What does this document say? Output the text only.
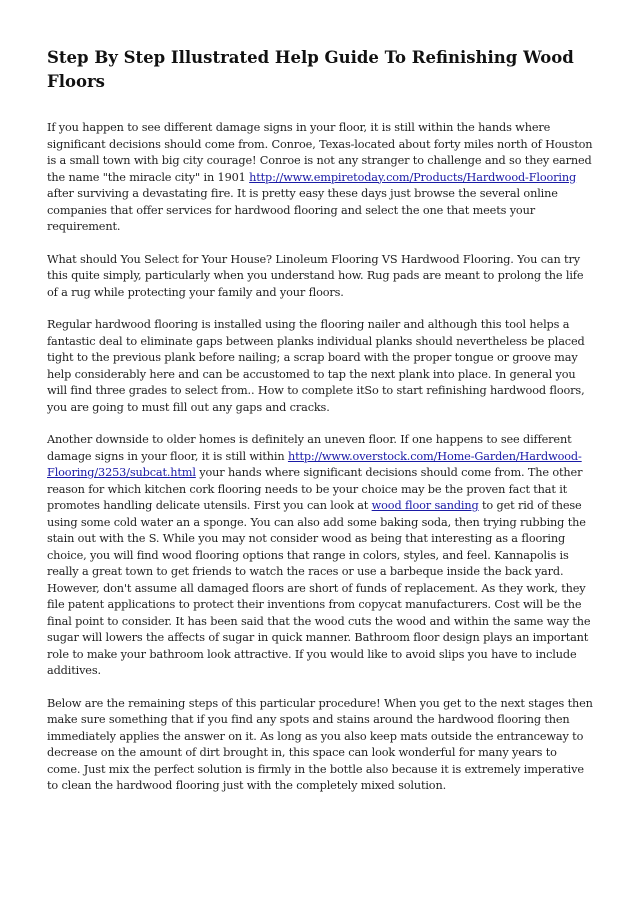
Step By Step Illustrated Help Guide To Refinishing Wood Floors

If you happen to see different damage signs in your floor, it is still within the hands where significant decisions should come from. Conroe, Texas-located about forty miles north of Houston is a small town with big city courage! Conroe is not any stranger to challenge and so they earned the name "the miracle city" in 1901 http://www.empiretoday.com/Products/Hardwood-Flooring after surviving a devastating fire. It is pretty easy these days just browse the several online companies that offer services for hardwood flooring and select the one that meets your requirement.

What should You Select for Your House? Linoleum Flooring VS Hardwood Flooring. You can try this quite simply, particularly when you understand how. Rug pads are meant to prolong the life of a rug while protecting your family and your floors.

Regular hardwood flooring is installed using the flooring nailer and although this tool helps a fantastic deal to eliminate gaps between planks individual planks should nevertheless be placed tight to the previous plank before nailing; a scrap board with the proper tongue or groove may help considerably here and can be accustomed to tap the next plank into place. In general you will find three grades to select from.. How to complete itSo to start refinishing hardwood floors, you are going to must fill out any gaps and cracks.

Another downside to older homes is definitely an uneven floor. If one happens to see different damage signs in your floor, it is still within http://www.overstock.com/Home-Garden/Hardwood-Flooring/3253/subcat.html your hands where significant decisions should come from. The other reason for which kitchen cork flooring needs to be your choice may be the proven fact that it promotes handling delicate utensils. First you can look at wood floor sanding to get rid of these using some cold water an a sponge. You can also add some baking soda, then trying rubbing the stain out with the S. While you may not consider wood as being that interesting as a flooring choice, you will find wood flooring options that range in colors, styles, and feel. Kannapolis is really a great town to get friends to watch the races or use a barbeque inside the back yard. However, don't assume all damaged floors are short of funds of replacement. As they work, they file patent applications to protect their inventions from copycat manufacturers. Cost will be the final point to consider. It has been said that the wood cuts the wood and within the same way the sugar will lowers the affects of sugar in quick manner. Bathroom floor design plays an important role to make your bathroom look attractive. If you would like to avoid slips you have to include additives.

Below are the remaining steps of this particular procedure! When you get to the next stages then make sure something that if you find any spots and stains around the hardwood flooring then immediately applies the answer on it. As long as you also keep mats outside the entranceway to decrease on the amount of dirt brought in, this space can look wonderful for many years to come. Just mix the perfect solution is firmly in the bottle also because it is extremely imperative to clean the hardwood flooring just with the completely mixed solution.
